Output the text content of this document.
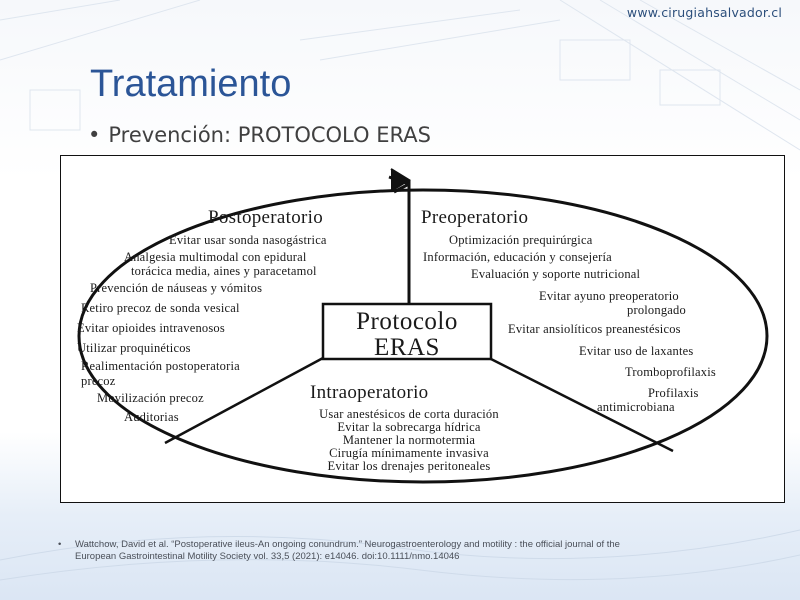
www.cirugiahsalvador.cl
Tratamiento
• Prevención: PROTOCOLO ERAS
Protocolo
ERAS
Postoperatorio
Evitar usar sonda nasogástrica
Analgesia multimodal con epidural
torácica media, aines y paracetamol
Prevención de náuseas y vómitos
Retiro precoz de sonda vesical
Evitar opioides intravenosos
Utilizar proquinéticos
Realimentación postoperatoria
precoz
Movilización precoz
Auditorias
Preoperatorio
Optimización prequirúrgica
Información, educación y consejería
Evaluación y soporte nutricional
Evitar ayuno preoperatorio
prolongado
Evitar ansiolíticos preanestésicos
Evitar uso de laxantes
Tromboprofilaxis
Profilaxis
antimicrobiana
Intraoperatorio
Usar anestésicos de corta duración
Evitar la sobrecarga hídrica
Mantener la normotermia
Cirugía mínimamente invasiva
Evitar los drenajes peritoneales
•	Wattchow, David et al. “Postoperative ileus-An ongoing conundrum.” Neurogastroenterology and motility : the official journal of the
European Gastrointestinal Motility Society vol. 33,5 (2021): e14046. doi:10.1111/nmo.14046
